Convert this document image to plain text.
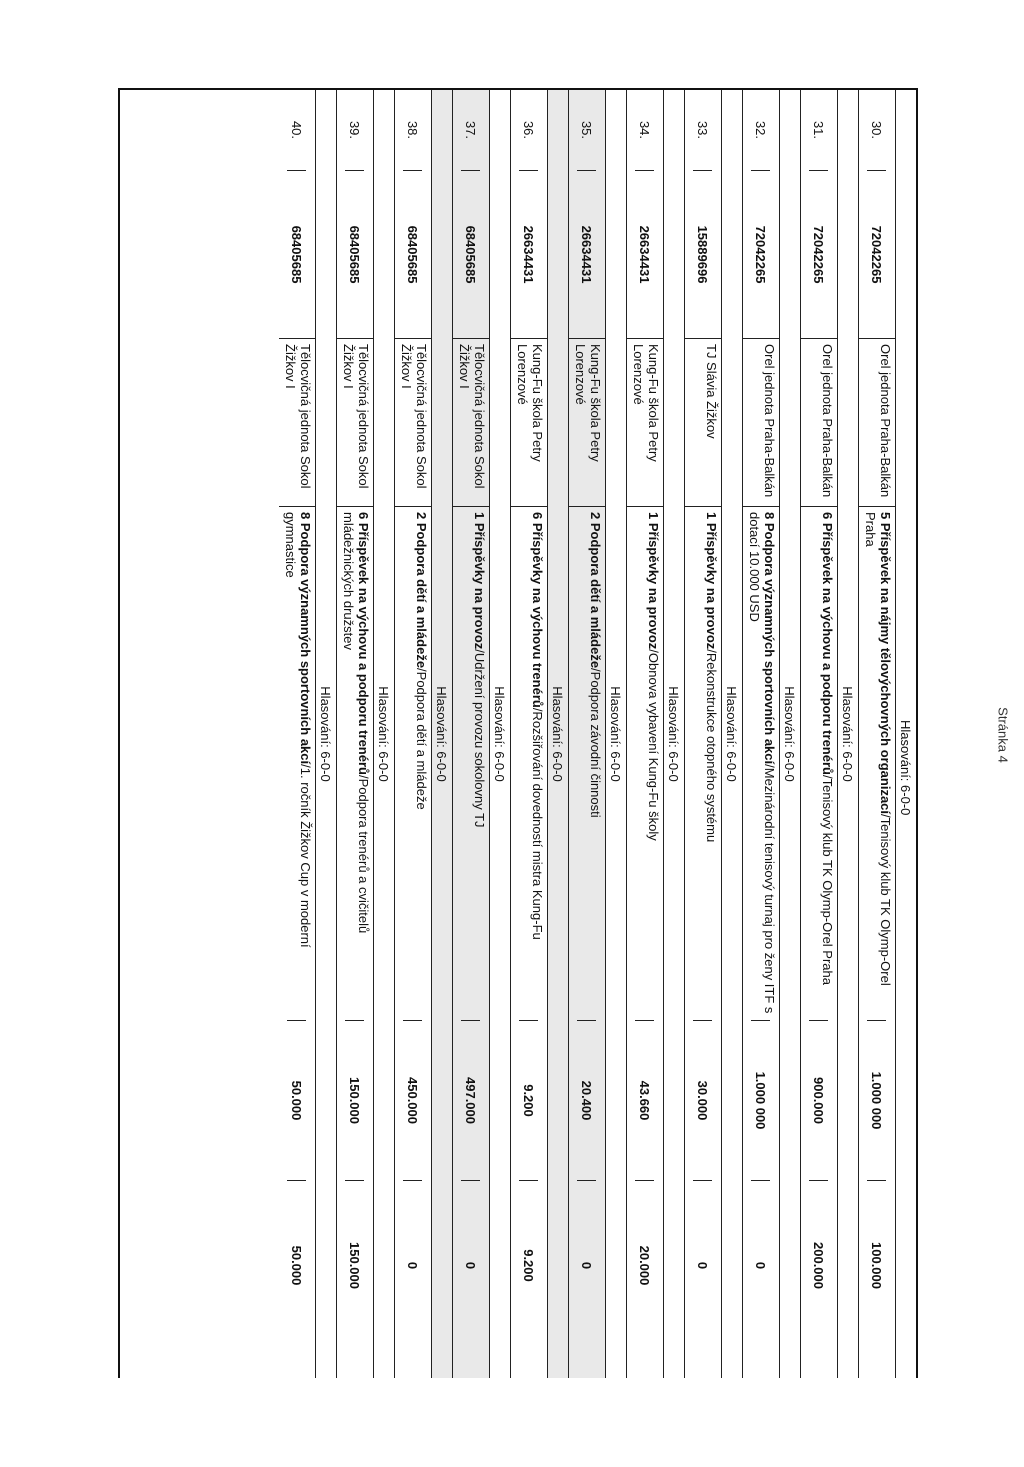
Hlasování: 6-0-0
30.
72042265
Orel jednota Praha-Balkán
5 Příspěvek na nájmy tělovýchovných organizací/Tenisový klub TK Olymp-Orel Praha
1.000 000
100.000
Hlasování: 6-0-0
31.
72042265
Orel jednota Praha-Balkán
6 Příspěvek na výchovu a podporu trenérů/Tenisový klub TK Olymp-Orel Praha
900.000
200.000
Hlasování: 6-0-0
32.
72042265
Orel jednota Praha-Balkán
8 Podpora významných sportovních akcí/Mezinárodní tenisový turnaj pro ženy ITF s dotací 10.000 USD
1.000 000
0
Hlasování: 6-0-0
33.
15889696
TJ Slávia Žižkov
1 Příspěvky na provoz/Rekonstrukce otopného systému
30.000
0
Hlasování: 6-0-0
34.
26634431
Kung-Fu škola Petry Lorenzové
1 Příspěvky na provoz/Obnova vybavení Kung-Fu školy
43.660
20.000
Hlasování: 6-0-0
35.
26634431
Kung-Fu škola Petry Lorenzové
2 Podpora dětí a mládeže/Podpora závodní činnosti
20.400
0
Hlasování: 6-0-0
36.
26634431
Kung-Fu škola Petry Lorenzové
6 Příspěvky na výchovu trenérů/Rozšiřování dovedností mistra Kung-Fu
9.200
9.200
Hlasování: 6-0-0
37.
68405685
Tělocvičná jednota Sokol Žižkov I
1 Příspěvky na provoz/Udržení provozu sokolovny TJ
497.000
0
Hlasování: 6-0-0
38.
68405685
Tělocvičná jednota Sokol Žižkov I
2 Podpora dětí a mládeže/Podpora dětí a mládeže
450.000
0
Hlasování: 6-0-0
39.
68405685
Tělocvičná jednota Sokol Žižkov I
6 Příspěvek na výchovu a podporu trenérů/Podpora trenérů a cvičitelů mládežnických družstev
150.000
150.000
Hlasování: 6-0-0
40.
68405685
Tělocvičná jednota Sokol Žižkov I
8 Podpora významných sportovních akcí/1. ročník Žižkov Cup v moderní gymnastice
50.000
50.000
Stránka 4
